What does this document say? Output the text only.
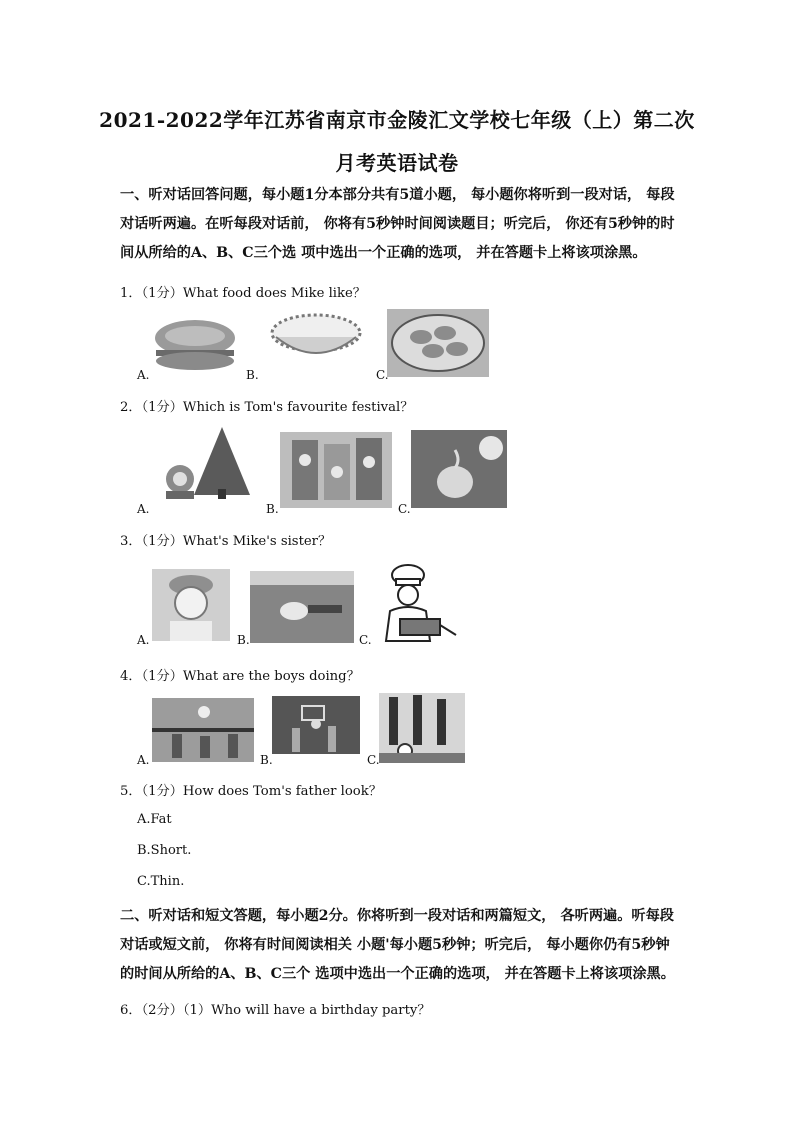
2021-2022学年江苏省南京市金陵汇文学校七年级（上）第二次
月考英语试卷
一、听对话回答问题，每小题1分本部分共有5道小题， 每小题你将听到一段对话， 每段对话听两遍。在听每段对话前， 你将有5秒钟时间阅读题目；听完后， 你还有5秒钟的时间从所给的A、B、C三个选 项中选出一个正确的选项， 并在答题卡上将该项涂黑。
1．（1分）What food does Mike like？
A.	B.	C.
2．（1分）Which is Tom's favourite festival？
A.	B.	C.
3．（1分）What's Mike's sister？
A.	B.	C.
4．（1分）What are the boys doing？
A.	B.	C.
5．（1分）How does Tom's father look？
A.Fat
B.Short.
C.Thin.
二、听对话和短文答题，每小题2分。你将听到一段对话和两篇短文， 各听两遍。听每段对话或短文前， 你将有时间阅读相关 小题'每小题5秒钟；听完后， 每小题你仍有5秒钟的时间从所给的A、B、C三个 选项中选出一个正确的选项， 并在答题卡上将该项涂黑。
6．（2分）（1）Who will have a birthday party？
